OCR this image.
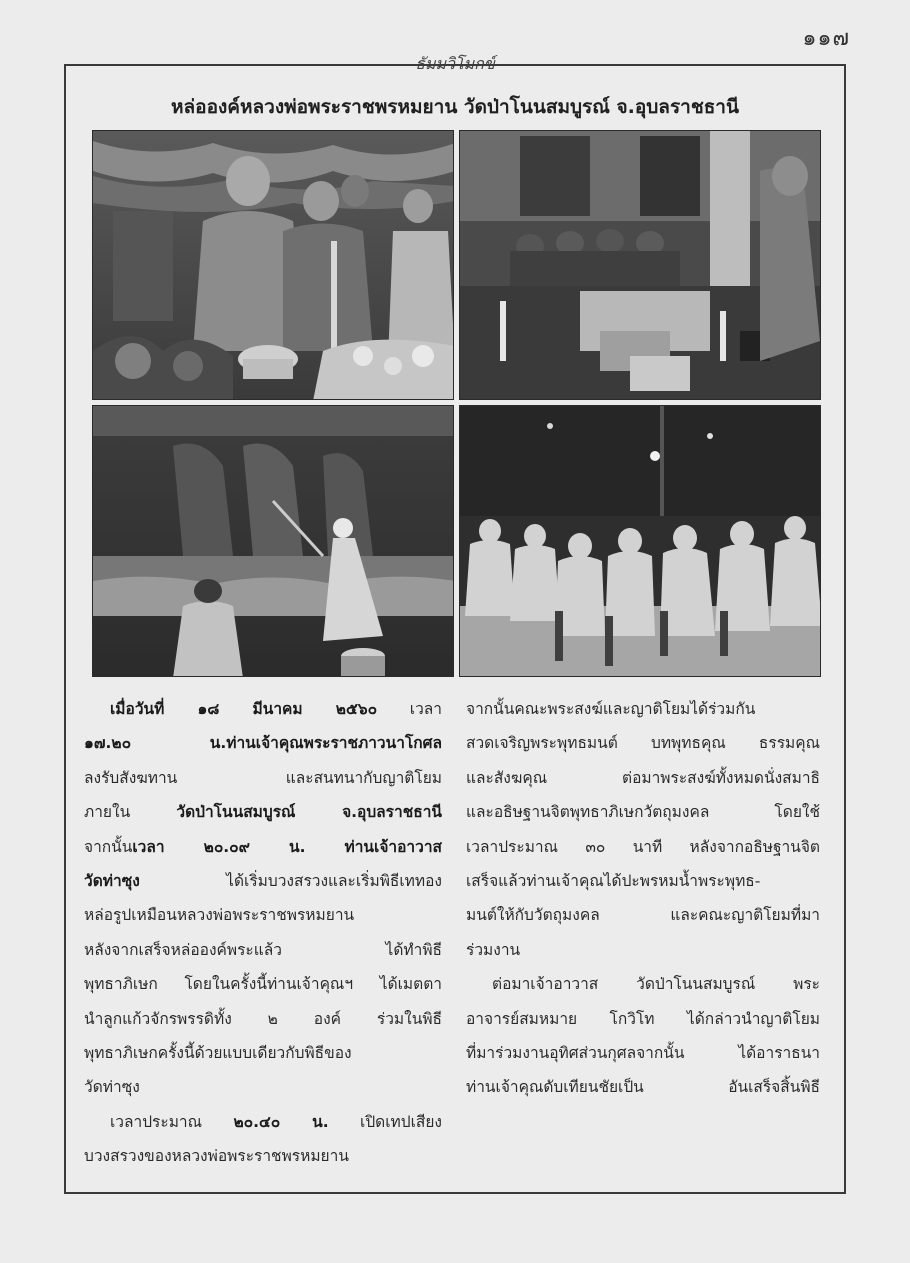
๑๑๗
ธัมมวิโมกข์
หล่อองค์หลวงพ่อพระราชพรหมยาน วัดป่าโนนสมบูรณ์ จ.อุบลราชธานี

เมื่อวันที่ ๑๘ มีนาคม ๒๕๖๐ เวลา
๑๗.๒๐ น.ท่านเจ้าคุณพระราชภาวนาโกศล
ลงรับสังฆทาน และสนทนากับญาติโยม
ภายใน วัดป่าโนนสมบูรณ์ จ.อุบลราชธานี
จากนั้นเวลา ๒๐.๐๙ น. ท่านเจ้าอาวาส
วัดท่าซุง ได้เริ่มบวงสรวงและเริ่มพิธีเททอง
หล่อรูปเหมือนหลวงพ่อพระราชพรหมยาน
หลังจากเสร็จหล่อองค์พระแล้ว ได้ทำพิธี
พุทธาภิเษก โดยในครั้งนี้ท่านเจ้าคุณฯ ได้เมตตา
นำลูกแก้วจักรพรรดิทั้ง ๒ องค์ ร่วมในพิธี
พุทธาภิเษกครั้งนี้ด้วยแบบเดียวกับพิธีของ
วัดท่าซุง

เวลาประมาณ ๒๐.๔๐ น. เปิดเทปเสียง
บวงสรวงของหลวงพ่อพระราชพรหมยาน

จากนั้นคณะพระสงฆ์และญาติโยมได้ร่วมกัน
สวดเจริญพระพุทธมนต์ บทพุทธคุณ ธรรมคุณ
และสังฆคุณ ต่อมาพระสงฆ์ทั้งหมดนั่งสมาธิ
และอธิษฐานจิตพุทธาภิเษกวัตถุมงคล โดยใช้
เวลาประมาณ ๓๐ นาที หลังจากอธิษฐานจิต
เสร็จแล้วท่านเจ้าคุณได้ปะพรหมน้ำพระพุทธ-
มนต์ให้กับวัตถุมงคล และคณะญาติโยมที่มา
ร่วมงาน

ต่อมาเจ้าอาวาส วัดป่าโนนสมบูรณ์ พระ
อาจารย์สมหมาย โกวิโท ได้กล่าวนำญาติโยม
ที่มาร่วมงานอุทิศส่วนกุศลจากนั้น ได้อาราธนา
ท่านเจ้าคุณดับเทียนชัยเป็น อันเสร็จสิ้นพิธี
